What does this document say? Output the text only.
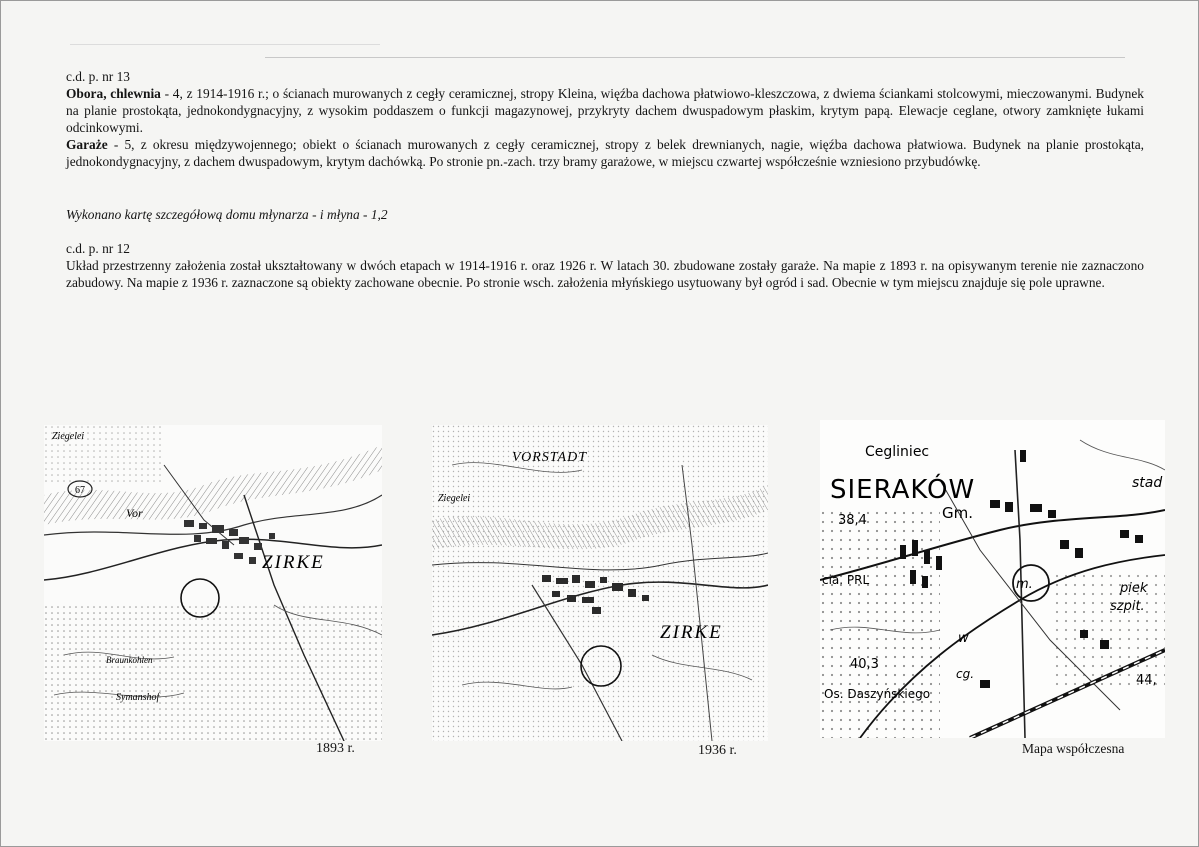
c.d. p. nr 13

Obora, chlewnia - 4, z 1914-1916 r.; o ścianach murowanych z cegły ceramicznej, stropy Kleina, więźba dachowa płatwiowo-kleszczowa, z dwiema ściankami stolcowymi, mieczowanymi. Budynek na planie prostokąta, jednokondygnacyjny, z wysokim poddaszem o funkcji magazynowej, przykryty dachem dwuspadowym płaskim, krytym papą. Elewacje ceglane, otwory zamknięte łukami odcinkowymi.

Garaże - 5, z okresu międzywojennego; obiekt o ścianach murowanych z cegły ceramicznej, stropy z belek drewnianych, nagie, więźba dachowa płatwiowa. Budynek na planie prostokąta, jednokondygnacyjny, z dachem dwuspadowym, krytym dachówką. Po stronie pn.-zach. trzy bramy garażowe, w miejscu czwartej współcześnie wzniesiono przybudówkę.

Wykonano kartę szczegółową domu młynarza - i młyna - 1,2

c.d. p. nr 12

Układ przestrzenny założenia został ukształtowany w dwóch etapach w 1914-1916 r. oraz 1926 r. W latach 30. zbudowane zostały garaże. Na mapie z 1893 r. na opisywanym terenie nie zaznaczono zabudowy. Na mapie z 1936 r. zaznaczone są obiekty zachowane obecnie. Po stronie wsch. założenia młyńskiego usytuowany był ogród i sad. Obecnie w tym miejscu znajduje się pole uprawne.

67
Ziegelei
Vor
ZIRKE
Braunkohlen
Symanshof
1893 r.
VORSTADT
Ziegelei
ZIRKE
1936 r.
Cegliniec
SIERAKÓW
Gm.
stad
38,4
cia. PRL	m.	piek
szpit.
40,3
w
cg.
Os. Daszyńskiego
44,
Mapa współczesna
